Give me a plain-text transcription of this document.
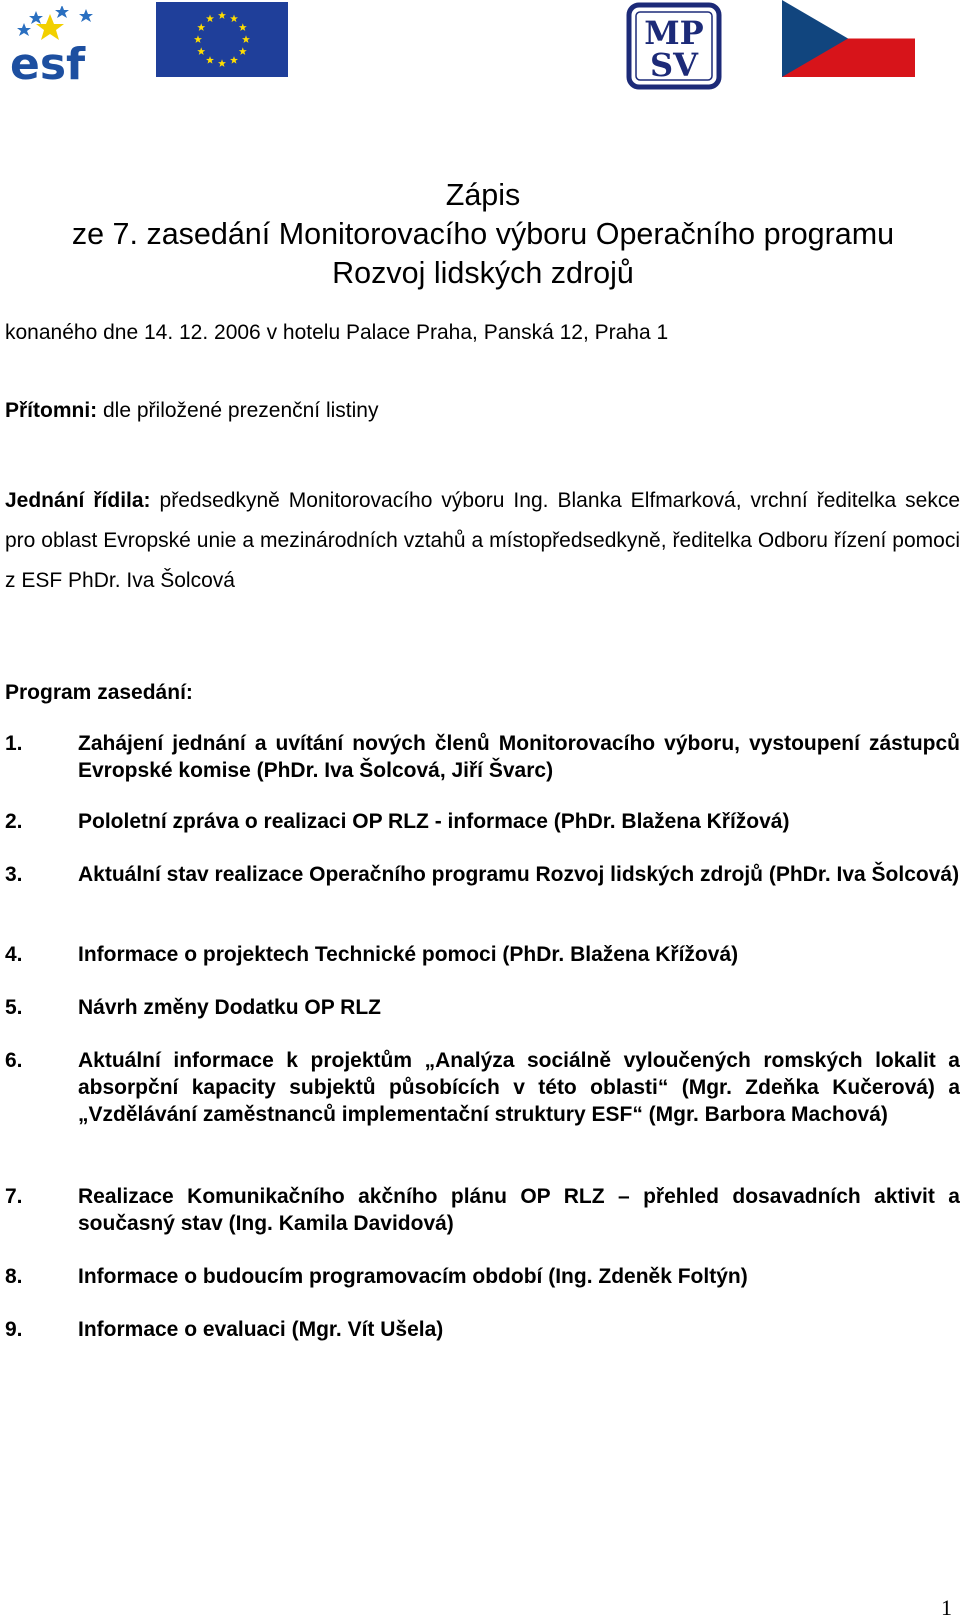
esf
MP
SV
Zápis
ze 7. zasedání Monitorovacího výboru Operačního programu
Rozvoj lidských zdrojů
konaného dne 14. 12. 2006 v hotelu Palace Praha, Panská 12, Praha 1
Přítomni: dle přiložené prezenční listiny
Jednání řídila: předsedkyně Monitorovacího výboru Ing. Blanka Elfmarková, vrchní ředitelka sekce pro oblast Evropské unie a mezinárodních vztahů a místopředsedkyně, ředitelka Odboru řízení pomoci z ESF PhDr. Iva Šolcová
Program zasedání:
1.	Zahájení jednání a uvítání nových členů Monitorovacího výboru, vystoupení zástupců Evropské komise (PhDr. Iva Šolcová, Jiří Švarc)
2.	Pololetní zpráva o realizaci OP RLZ - informace (PhDr. Blažena Křížová)
3.	Aktuální stav realizace Operačního programu Rozvoj lidských zdrojů (PhDr. Iva Šolcová)
4.	Informace o projektech Technické pomoci (PhDr. Blažena Křížová)
5.	Návrh změny Dodatku OP RLZ
6.	Aktuální informace k projektům „Analýza sociálně vyloučených romských lokalit a absorpční kapacity subjektů působících v této oblasti“ (Mgr. Zdeňka Kučerová) a „Vzdělávání zaměstnanců implementační struktury ESF“ (Mgr. Barbora Machová)
7.	Realizace Komunikačního akčního plánu OP RLZ – přehled dosavadních aktivit a současný stav (Ing. Kamila Davidová)
8.	Informace o budoucím programovacím období (Ing. Zdeněk Foltýn)
9.	Informace o evaluaci (Mgr. Vít Ušela)
1
